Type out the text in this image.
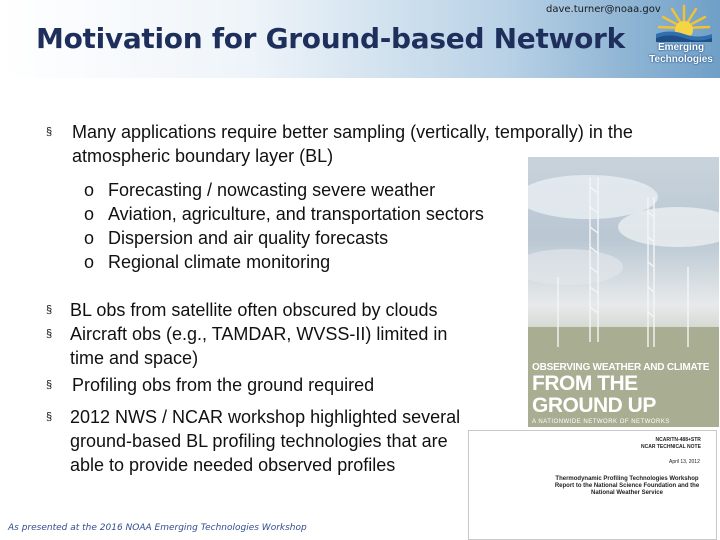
dave.turner@noaa.gov
Motivation for Ground-based Network	Emerging
Technologies
§ Many applications require better sampling (vertically, temporally) in the atmospheric boundary layer (BL)
o Forecasting / nowcasting severe weather
o Aviation, agriculture, and transportation sectors
o Dispersion and air quality forecasts
o Regional climate monitoring
§ BL obs from satellite often obscured by clouds
§ Aircraft obs (e.g., TAMDAR, WVSS-II) limited in time and space)
§ Profiling obs from the ground required
§ 2012 NWS / NCAR workshop highlighted several ground-based BL profiling technologies that are able to provide needed observed profiles
OBSERVING WEATHER AND CLIMATE
FROM THE GROUND UP
A NATIONWIDE NETWORK OF NETWORKS
NCAR/TN-488+STR
NCAR TECHNICAL NOTE
April 13, 2012
Thermodynamic Profiling Technologies Workshop Report to the National Science Foundation and the National Weather Service
As presented at the 2016 NOAA Emerging Technologies Workshop
